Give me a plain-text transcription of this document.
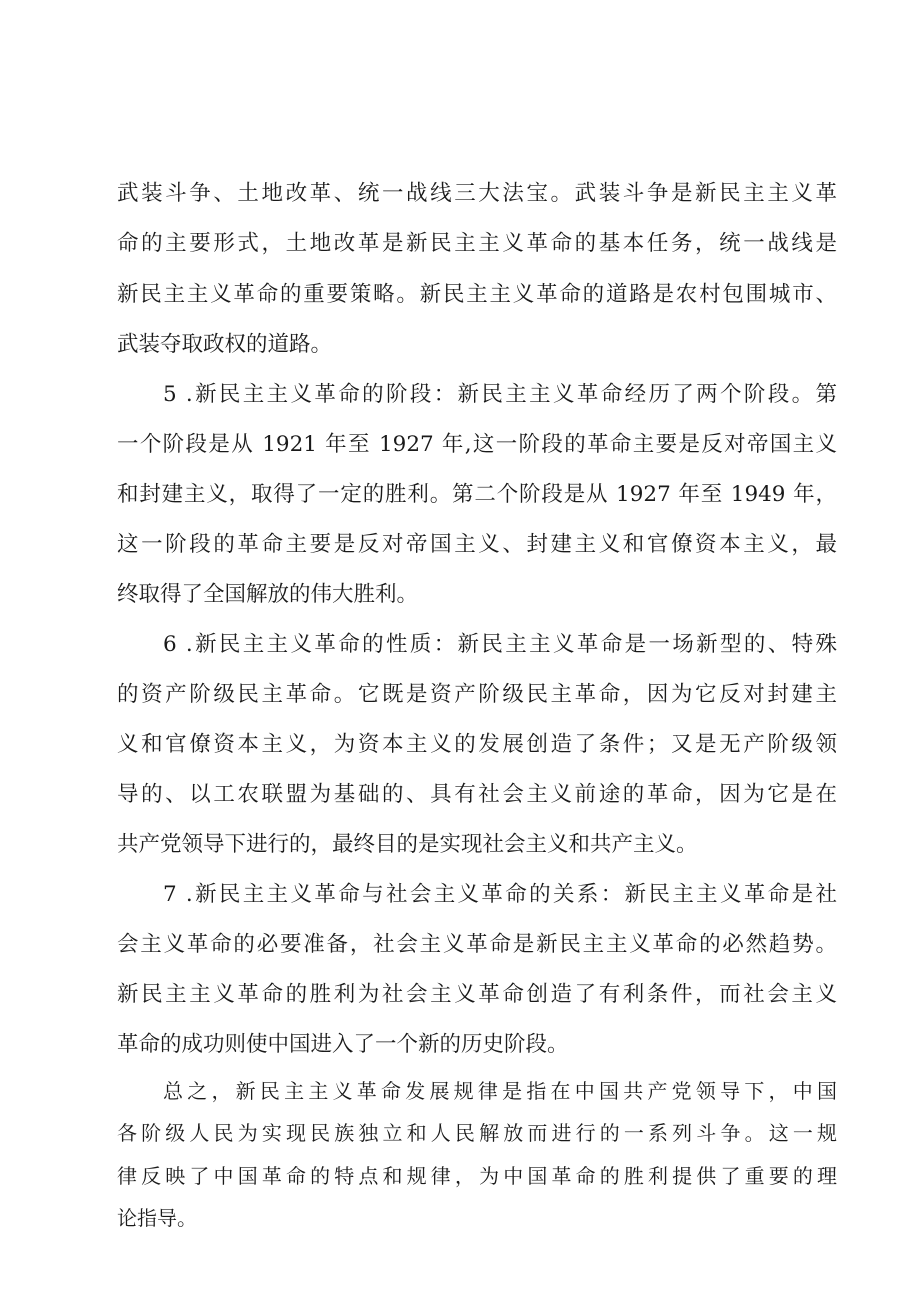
武装斗争、土地改革、统一战线三大法宝。武装斗争是新民主主义革
命的主要形式，土地改革是新民主主义革命的基本任务，统一战线是
新民主主义革命的重要策略。新民主主义革命的道路是农村包围城市、
武装夺取政权的道路。
5 .新民主主义革命的阶段：新民主主义革命经历了两个阶段。第
一个阶段是从 1921 年至 1927 年,这一阶段的革命主要是反对帝国主义
和封建主义，取得了一定的胜利。第二个阶段是从 1927 年至 1949 年，
这一阶段的革命主要是反对帝国主义、封建主义和官僚资本主义，最
终取得了全国解放的伟大胜利。
6 .新民主主义革命的性质：新民主主义革命是一场新型的、特殊
的资产阶级民主革命。它既是资产阶级民主革命，因为它反对封建主
义和官僚资本主义，为资本主义的发展创造了条件；又是无产阶级领
导的、以工农联盟为基础的、具有社会主义前途的革命，因为它是在
共产党领导下进行的，最终目的是实现社会主义和共产主义。
7 .新民主主义革命与社会主义革命的关系：新民主主义革命是社
会主义革命的必要准备，社会主义革命是新民主主义革命的必然趋势。
新民主主义革命的胜利为社会主义革命创造了有利条件，而社会主义
革命的成功则使中国进入了一个新的历史阶段。
总之，新民主主义革命发展规律是指在中国共产党领导下，中国
各阶级人民为实现民族独立和人民解放而进行的一系列斗争。这一规
律反映了中国革命的特点和规律，为中国革命的胜利提供了重要的理
论指导。
